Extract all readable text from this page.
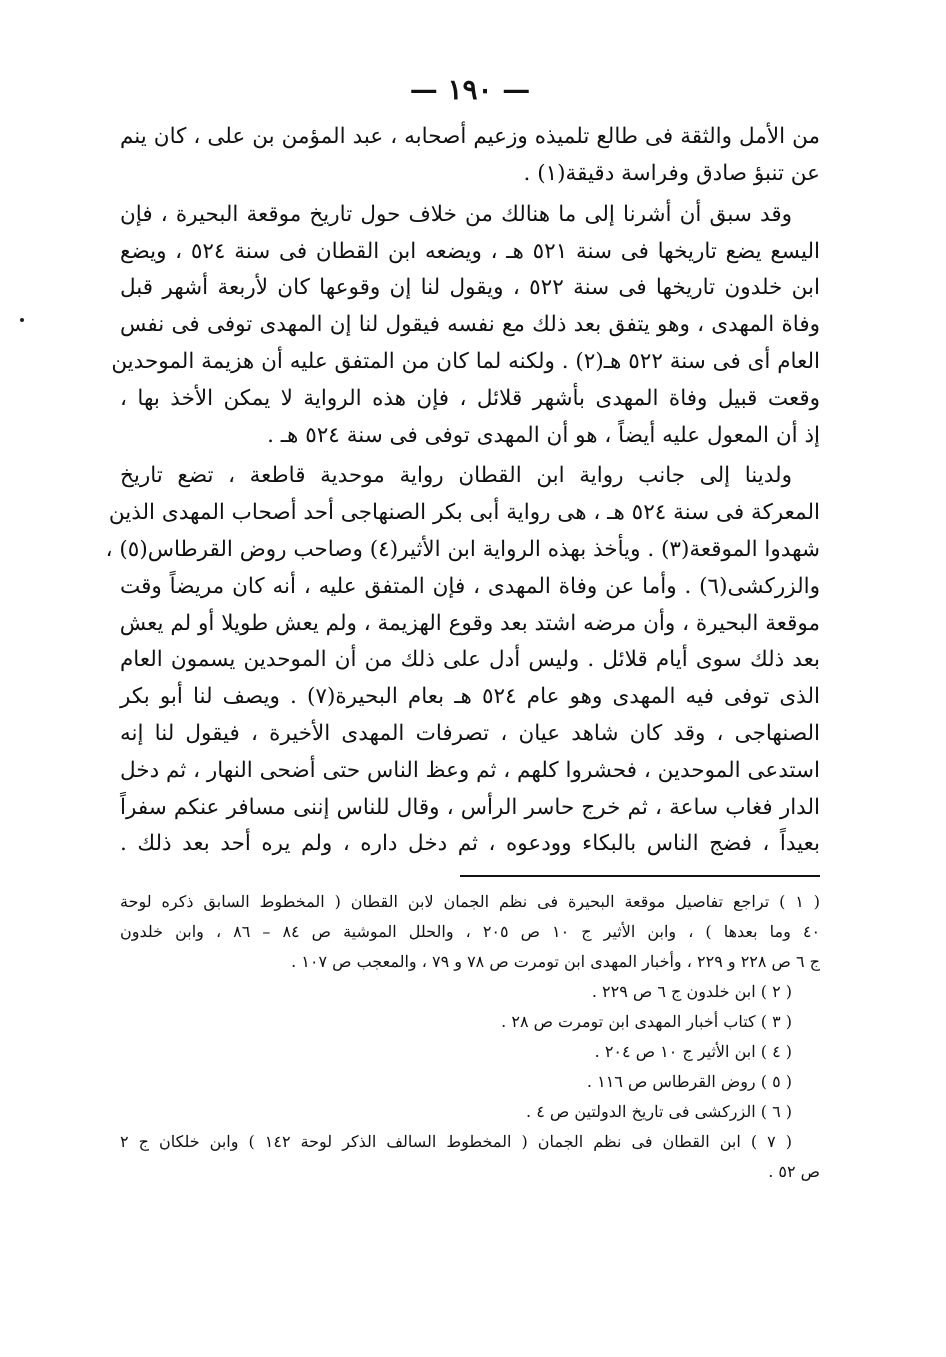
— ١٩٠ —

من الأمل والثقة فى طالع تلميذه وزعيم أصحابه ، عبد المؤمن بن على ، كان ينم
عن تنبؤ صادق وفراسة دقيقة(١) .

وقد سبق أن أشرنا إلى ما هنالك من خلاف حول تاريخ موقعة البحيرة ، فإن
اليسع يضع تاريخها فى سنة ٥٢١ هـ ، ويضعه ابن القطان فى سنة ٥٢٤ ، ويضع
ابن خلدون تاريخها فى سنة ٥٢٢ ، ويقول لنا إن وقوعها كان لأربعة أشهر قبل
وفاة المهدى ، وهو يتفق بعد ذلك مع نفسه فيقول لنا إن المهدى توفى فى نفس
العام أى فى سنة ٥٢٢ هـ(٢) . ولكنه لما كان من المتفق عليه أن هزيمة الموحدين
وقعت قبيل وفاة المهدى بأشهر قلائل ، فإن هذه الرواية لا يمكن الأخذ بها ،
إذ أن المعول عليه أيضاً ، هو أن المهدى توفى فى سنة ٥٢٤ هـ .

ولدينا إلى جانب رواية ابن القطان رواية موحدية قاطعة ، تضع تاريخ
المعركة فى سنة ٥٢٤ هـ ، هى رواية أبى بكر الصنهاجى أحد أصحاب المهدى الذين
شهدوا الموقعة(٣) . ويأخذ بهذه الرواية ابن الأثير(٤) وصاحب روض القرطاس(٥) ،
والزركشى(٦) . وأما عن وفاة المهدى ، فإن المتفق عليه ، أنه كان مريضاً وقت
موقعة البحيرة ، وأن مرضه اشتد بعد وقوع الهزيمة ، ولم يعش طويلا أو لم يعش
بعد ذلك سوى أيام قلائل . وليس أدل على ذلك من أن الموحدين يسمون العام
الذى توفى فيه المهدى وهو عام ٥٢٤ هـ بعام البحيرة(٧) . ويصف لنا أبو بكر
الصنهاجى ، وقد كان شاهد عيان ، تصرفات المهدى الأخيرة ، فيقول لنا إنه
استدعى الموحدين ، فحشروا كلهم ، ثم وعظ الناس حتى أضحى النهار ، ثم دخل
الدار فغاب ساعة ، ثم خرج حاسر الرأس ، وقال للناس إننى مسافر عنكم سفراً
بعيداً ، فضج الناس بالبكاء وودعوه ، ثم دخل داره ، ولم يره أحد بعد ذلك .

( ١ ) تراجع تفاصيل موقعة البحيرة فى نظم الجمان لابن القطان ( المخطوط السابق ذكره لوحة
٤٠ وما بعدها ) ، وابن الأثير ج ١٠ ص ٢٠٥ ، والحلل الموشية ص ٨٤ – ٨٦ ، وابن خلدون
ج ٦ ص ٢٢٨ و ٢٢٩ ، وأخبار المهدى ابن تومرت ص ٧٨ و ٧٩ ، والمعجب ص ١٠٧ .
( ٢ ) ابن خلدون ج ٦ ص ٢٢٩ .
( ٣ ) كتاب أخبار المهدى ابن تومرت ص ٢٨ .
( ٤ ) ابن الأثير ج ١٠ ص ٢٠٤ .
( ٥ ) روض القرطاس ص ١١٦ .
( ٦ ) الزركشى فى تاريخ الدولتين ص ٤ .
( ٧ ) ابن القطان فى نظم الجمان ( المخطوط السالف الذكر لوحة ١٤٢ ) وابن خلكان ج ٢
ص ٥٢ .
